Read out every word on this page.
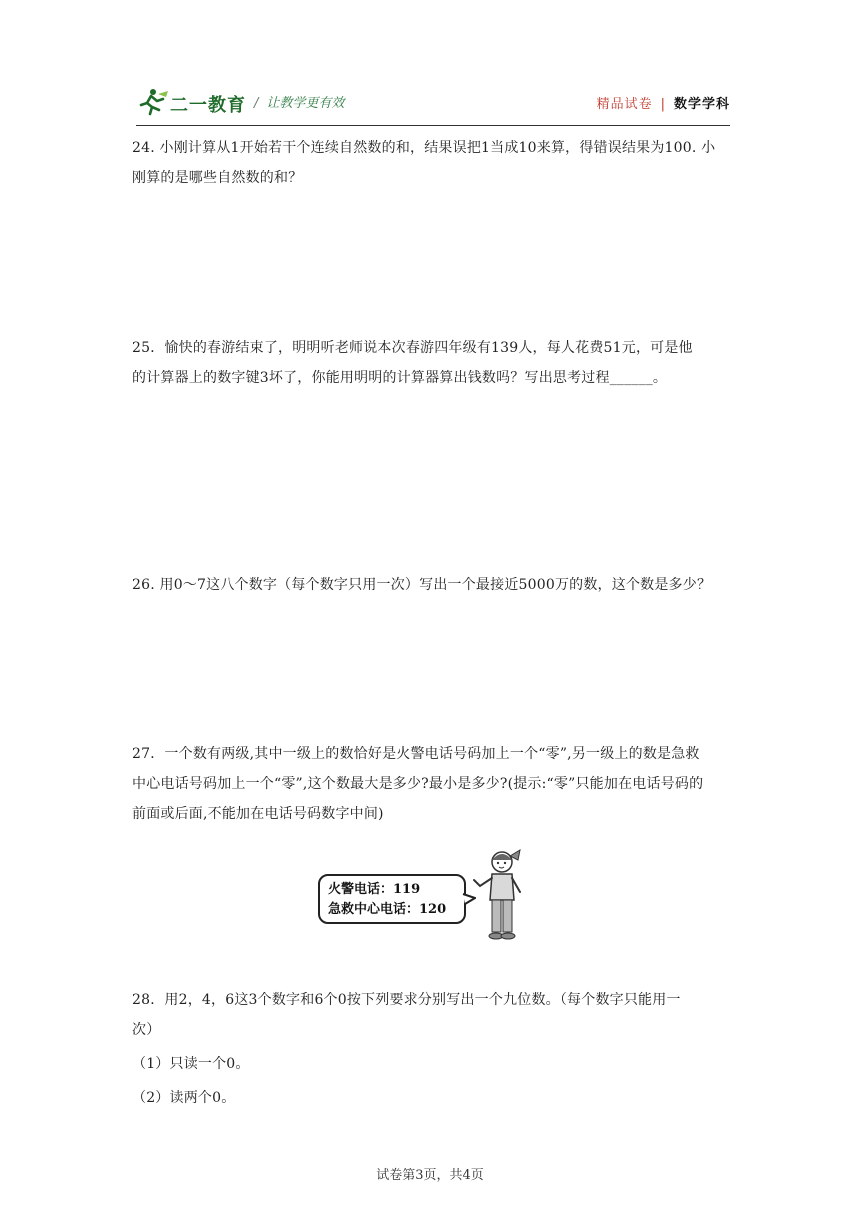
二一教育 / 让教学更有效	精品试卷 | 数学学科

24. 小刚计算从1开始若干个连续自然数的和，结果误把1当成10来算，得错误结果为100. 小

刚算的是哪些自然数的和？

25．愉快的春游结束了，明明听老师说本次春游四年级有139人，每人花费51元，可是他

的计算器上的数字键3坏了，你能用明明的计算器算出钱数吗？写出思考过程______。

26. 用0～7这八个数字（每个数字只用一次）写出一个最接近5000万的数，这个数是多少？

27．一个数有两级,其中一级上的数恰好是火警电话号码加上一个“零”,另一级上的数是急救

中心电话号码加上一个“零”,这个数最大是多少?最小是多少?(提示:“零”只能加在电话号码的

前面或后面,不能加在电话号码数字中间)

火警电话：119
急救中心电话：120

28．用2，4，6这3个数字和6个0按下列要求分别写出一个九位数。（每个数字只能用一

次）

（1）只读一个0。

（2）读两个0。

试卷第3页，共4页
